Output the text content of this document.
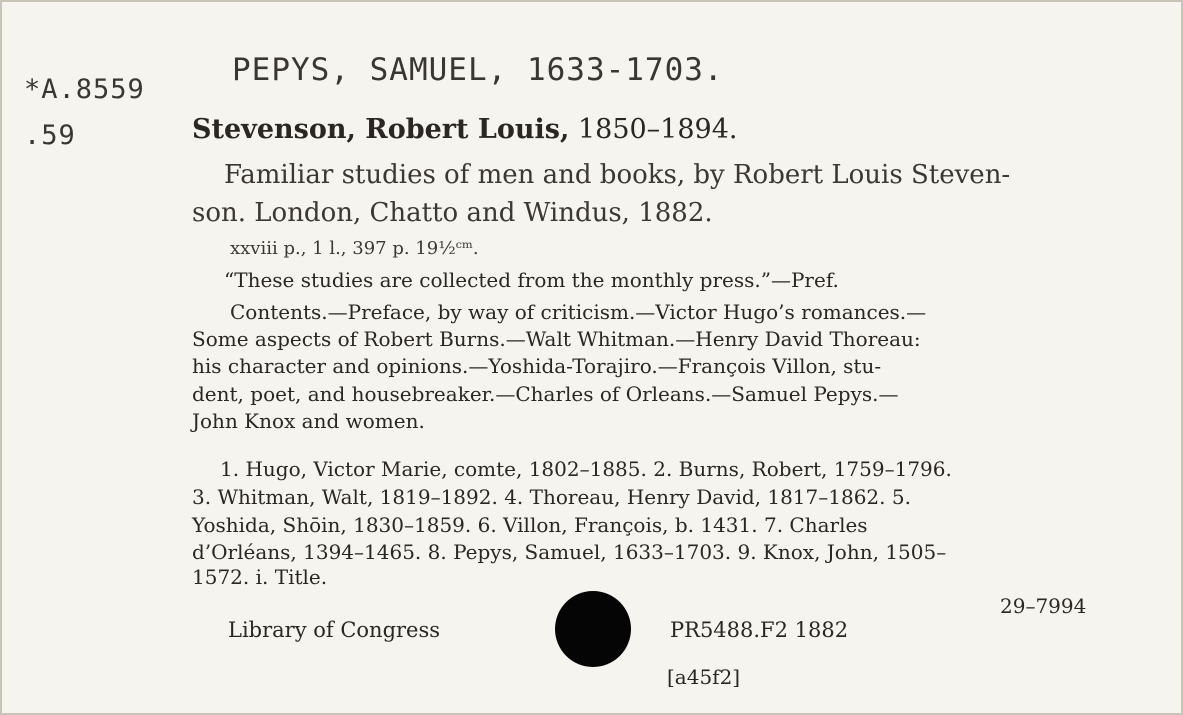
*A.8559
.59
PEPYS, SAMUEL, 1633-1703.
Stevenson, Robert Louis, 1850–1894.
Familiar studies of men and books, by Robert Louis Steven-
son. London, Chatto and Windus, 1882.
xxviii p., 1 l., 397 p. 19½ᶜᵐ.
“These studies are collected from the monthly press.”—Pref.
Contents.—Preface, by way of criticism.—Victor Hugo’s romances.—
Some aspects of Robert Burns.—Walt Whitman.—Henry David Thoreau:
his character and opinions.—Yoshida-Torajiro.—François Villon, stu-
dent, poet, and housebreaker.—Charles of Orleans.—Samuel Pepys.—
John Knox and women.
1. Hugo, Victor Marie, comte, 1802–1885. 2. Burns, Robert, 1759–1796.
3. Whitman, Walt, 1819–1892. 4. Thoreau, Henry David, 1817–1862. 5.
Yoshida, Shōin, 1830–1859. 6. Villon, François, b. 1431. 7. Charles
d’Orléans, 1394–1465. 8. Pepys, Samuel, 1633–1703. 9. Knox, John, 1505–
1572. i. Title.
29–7994
Library of Congress	PR5488.F2 1882
[a45f2]
